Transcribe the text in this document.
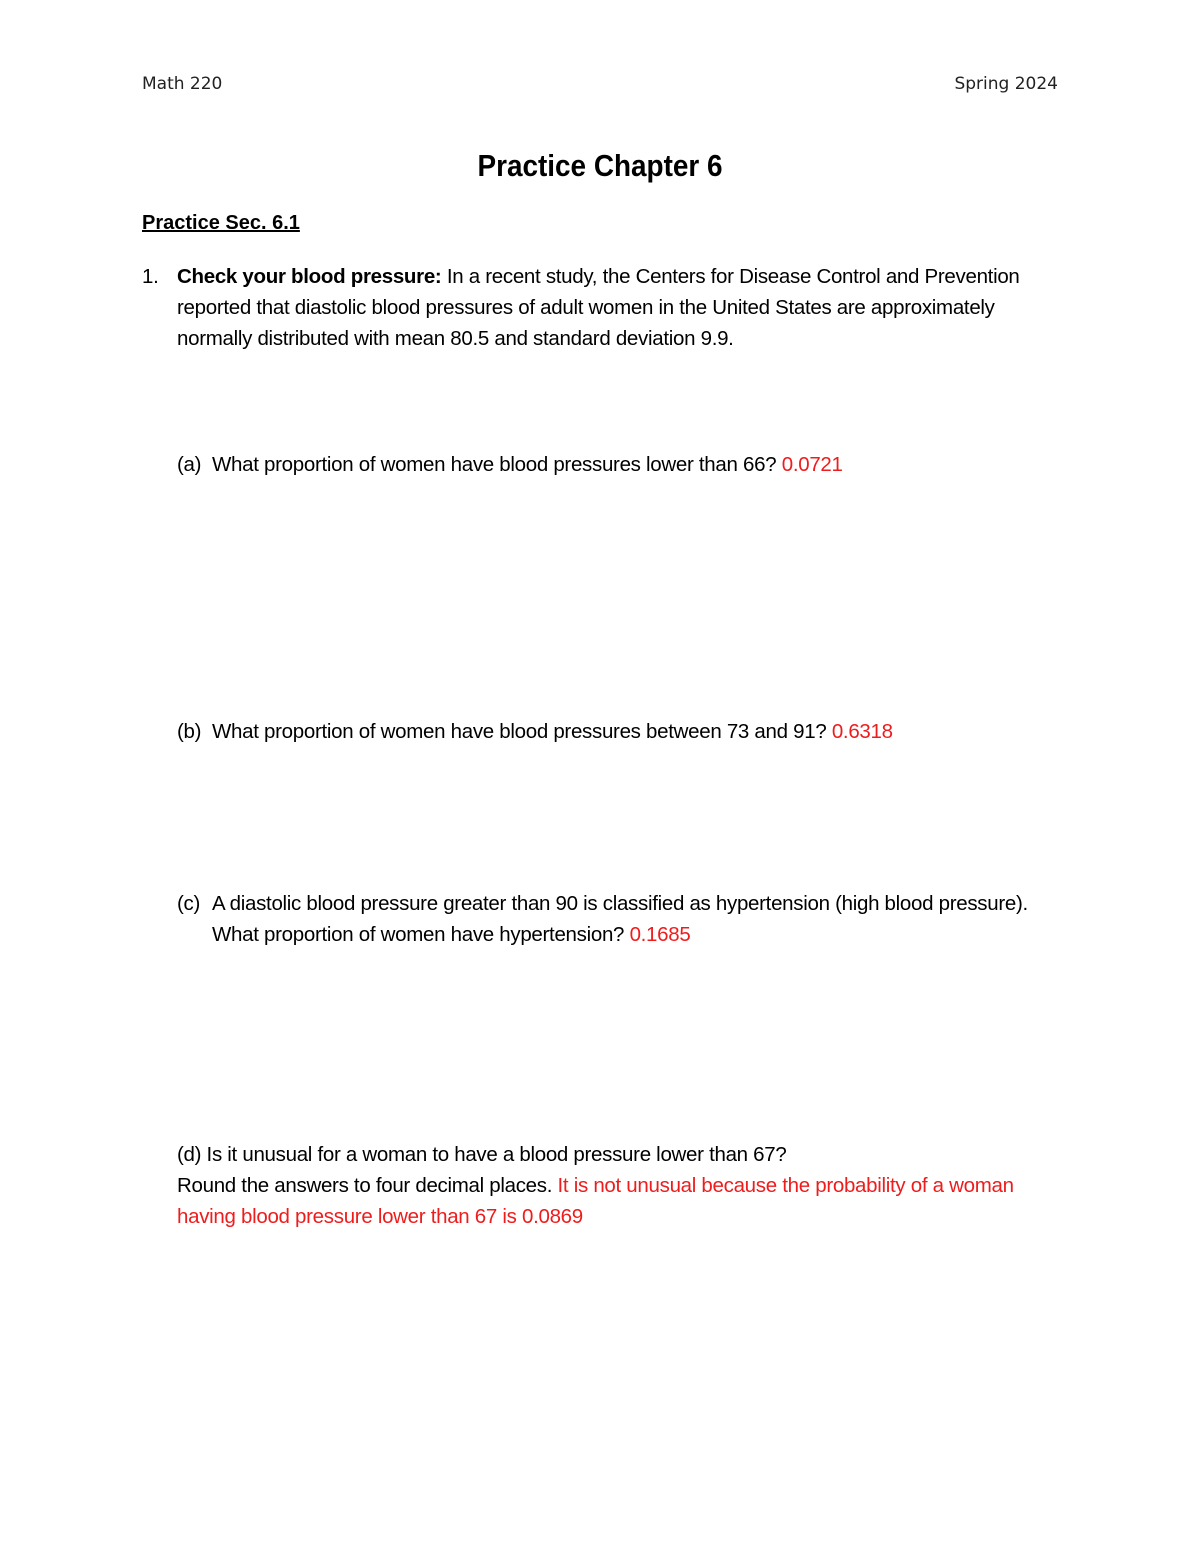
Math 220	Spring 2024
Practice Chapter 6
Practice Sec. 6.1
1. Check your blood pressure: In a recent study, the Centers for Disease Control and Prevention reported that diastolic blood pressures of adult women in the United States are approximately normally distributed with mean 80.5 and standard deviation 9.9.
(a) What proportion of women have blood pressures lower than 66? 0.0721
(b) What proportion of women have blood pressures between 73 and 91? 0.6318
(c) A diastolic blood pressure greater than 90 is classified as hypertension (high blood pressure). What proportion of women have hypertension? 0.1685
(d) Is it unusual for a woman to have a blood pressure lower than 67?
Round the answers to four decimal places. It is not unusual because the probability of a woman having blood pressure lower than 67 is 0.0869
